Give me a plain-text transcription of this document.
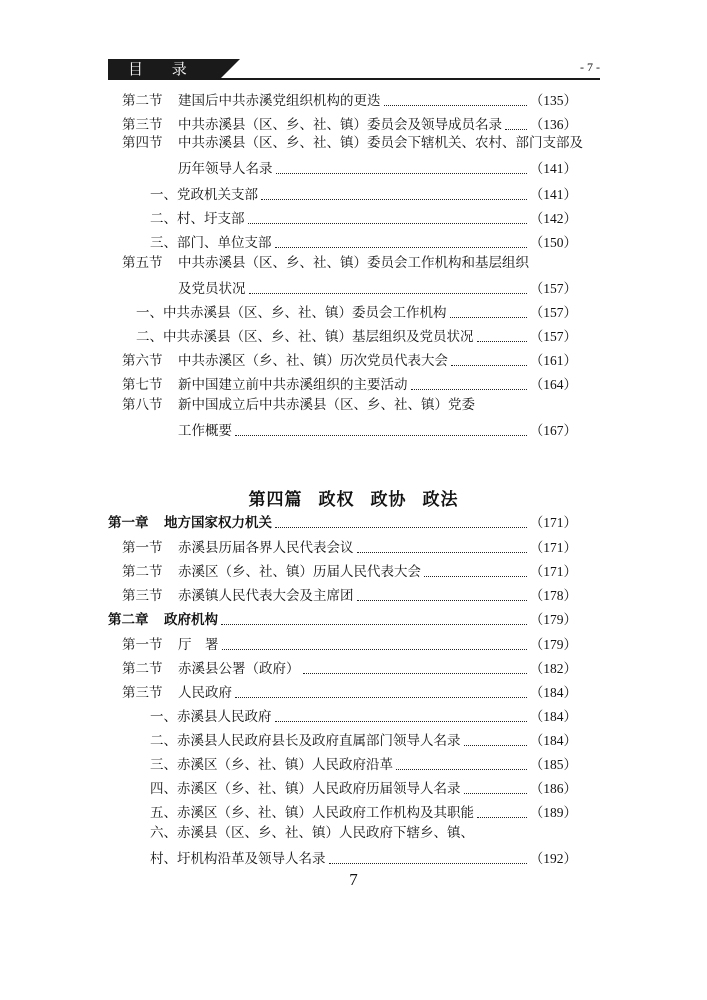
目 录	- 7 -
第二节	建国后中共赤溪党组织机构的更迭	（135）
第三节	中共赤溪县（区、乡、社、镇）委员会及领导成员名录 （136）
第四节 中共赤溪县（区、乡、社、镇）委员会下辖机关、农村、部门支部及
历年领导人名录	（141）
一、党政机关支部	（141）
二、村、圩支部	（142）
三、部门、单位支部	（150）
第五节 中共赤溪县（区、乡、社、镇）委员会工作机构和基层组织
及党员状况	（157）
一、中共赤溪县（区、乡、社、镇）委员会工作机构	（157）
二、中共赤溪县（区、乡、社、镇）基层组织及党员状况	（157）
第六节	中共赤溪区（乡、社、镇）历次党员代表大会	（161）
第七节	新中国建立前中共赤溪组织的主要活动	（164）
第八节 新中国成立后中共赤溪县（区、乡、社、镇）党委
工作概要	（167）
第四篇 政权 政协 政法
第一章	地方国家权力机关	（171）
第一节	赤溪县历届各界人民代表会议	（171）
第二节	赤溪区（乡、社、镇）历届人民代表大会	（171）
第三节	赤溪镇人民代表大会及主席团	（178）
第二章	政府机构	（179）
第一节	厅　署	（179）
第二节	赤溪县公署（政府）	（182）
第三节	人民政府	（184）
一、赤溪县人民政府	（184）
二、赤溪县人民政府县长及政府直属部门领导人名录	（184）
三、赤溪区（乡、社、镇）人民政府沿革	（185）
四、赤溪区（乡、社、镇）人民政府历届领导人名录	（186）
五、赤溪区（乡、社、镇）人民政府工作机构及其职能	（189）
六、赤溪县（区、乡、社、镇）人民政府下辖乡、镇、
村、圩机构沿革及领导人名录	（192）
7
